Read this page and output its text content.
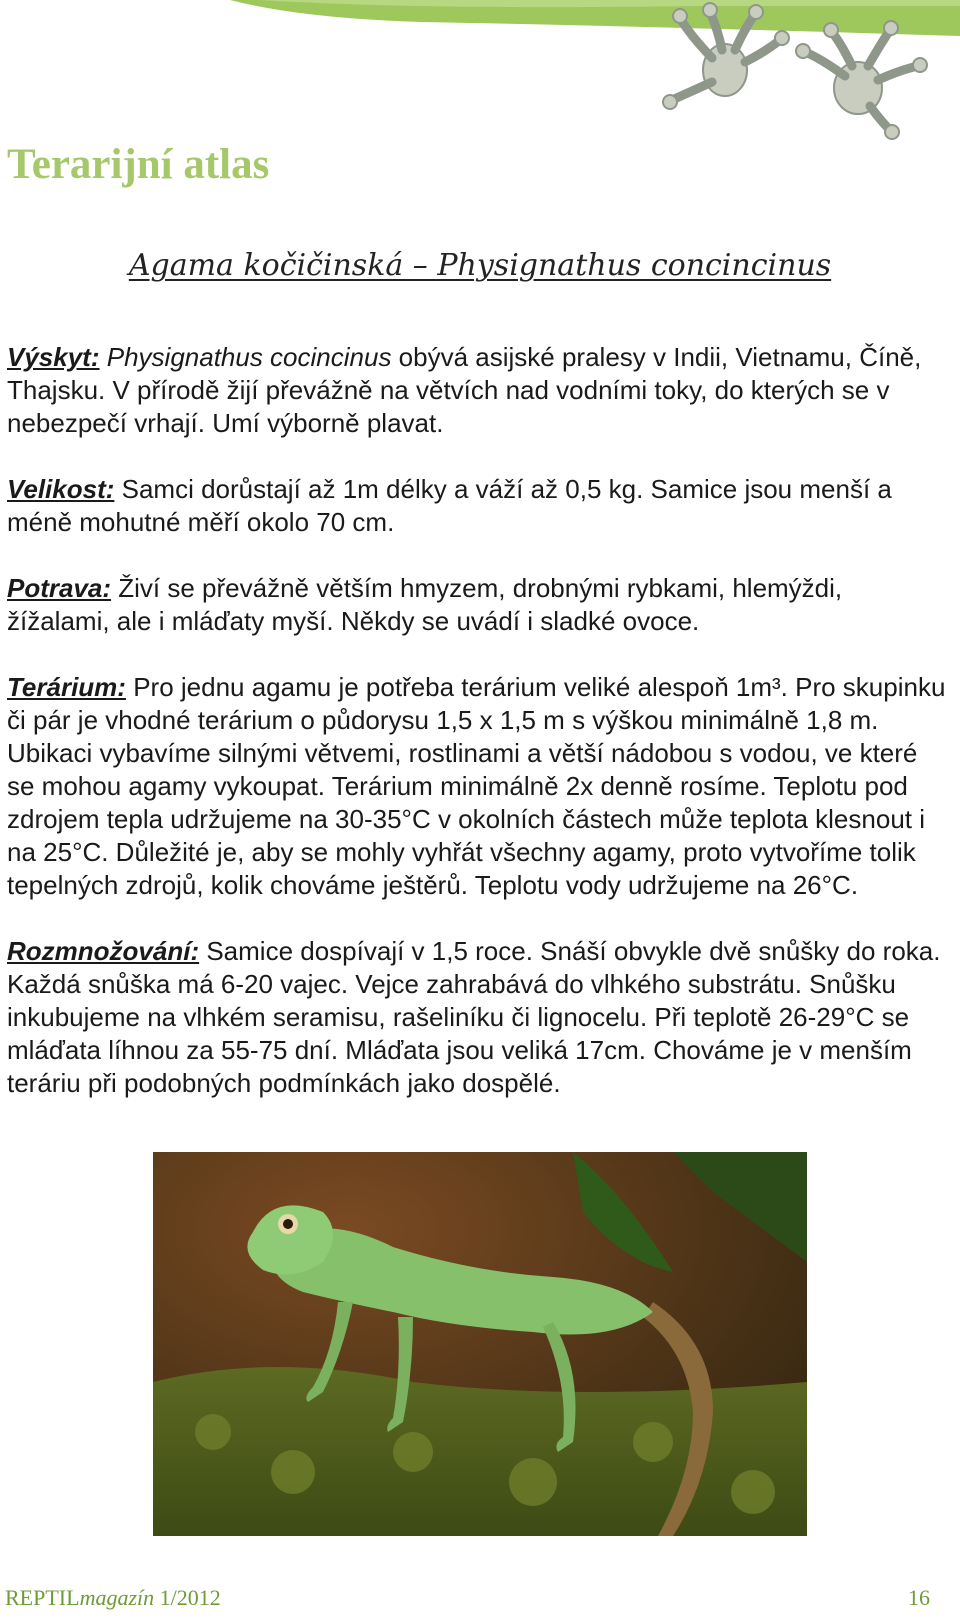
Terarijní atlas
Agama kočičinská – Physignathus concincinus

Výskyt: Physignathus cocincinus obývá asijské pralesy v Indii, Vietnamu, Číně, Thajsku. V přírodě žijí převážně na větvích nad vodními toky, do kterých se v nebezpečí vrhají. Umí výborně plavat.

Velikost: Samci dorůstají až 1m délky a váží až 0,5 kg. Samice jsou menší a méně mohutné měří okolo 70 cm.

Potrava: Živí se převážně větším hmyzem, drobnými rybkami, hlemýždi, žížalami, ale i mláďaty myší. Někdy se uvádí i sladké ovoce.

Terárium: Pro jednu agamu je potřeba terárium veliké alespoň 1m³. Pro skupinku či pár je vhodné terárium o půdorysu 1,5 x 1,5 m s výškou minimálně 1,8 m. Ubikaci vybavíme silnými větvemi, rostlinami a větší nádobou s vodou, ve které se mohou agamy vykoupat. Terárium minimálně 2x denně rosíme. Teplotu pod zdrojem tepla udržujeme na 30-35°C v okolních částech může teplota klesnout i na 25°C. Důležité je, aby se mohly vyhřát všechny agamy, proto vytvoříme tolik tepelných zdrojů, kolik chováme ještěrů. Teplotu vody udržujeme na 26°C.

Rozmnožování: Samice dospívají v 1,5 roce. Snáší obvykle dvě snůšky do roka. Každá snůška má 6-20 vajec. Vejce zahrabává do vlhkého substrátu. Snůšku inkubujeme na vlhkém seramisu, rašeliníku či lignocelu. Při teplotě 26-29°C se mláďata líhnou za 55-75 dní. Mláďata jsou veliká 17cm. Chováme je v menším teráriu při podobných podmínkách jako dospělé.

REPTILmagazín 1/2012	16
